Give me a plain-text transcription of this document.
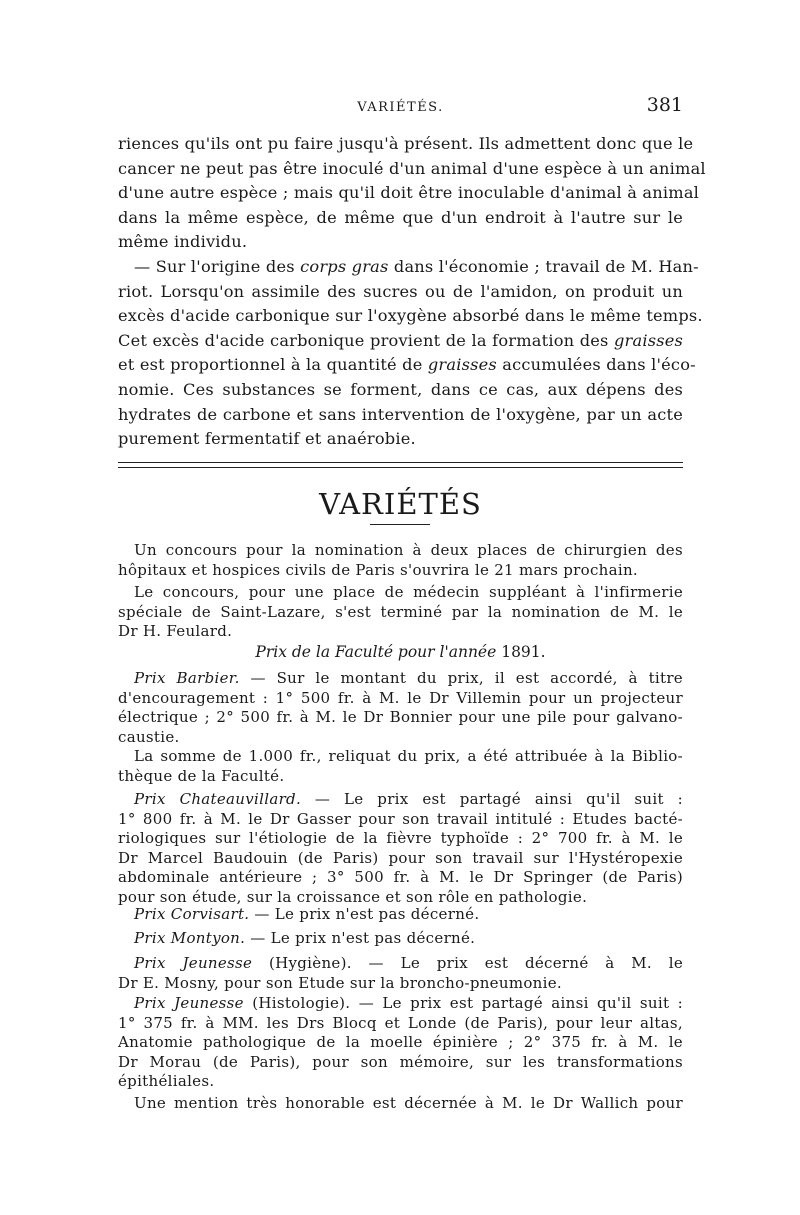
VARIÉTÉS.	381
riences qu'ils ont pu faire jusqu'à présent. Ils admettent donc que le
cancer ne peut pas être inoculé d'un animal d'une espèce à un animal
d'une autre espèce ; mais qu'il doit être inoculable d'animal à animal
dans la même espèce, de même que d'un endroit à l'autre sur le
même individu.
— Sur l'origine des corps gras dans l'économie ; travail de M. Han-
riot. Lorsqu'on assimile des sucres ou de l'amidon, on produit un
excès d'acide carbonique sur l'oxygène absorbé dans le même temps.
Cet excès d'acide carbonique provient de la formation des graisses
et est proportionnel à la quantité de graisses accumulées dans l'éco-
nomie. Ces substances se forment, dans ce cas, aux dépens des
hydrates de carbone et sans intervention de l'oxygène, par un acte
purement fermentatif et anaérobie.
VARIÉTÉS
Un concours pour la nomination à deux places de chirurgien des
hôpitaux et hospices civils de Paris s'ouvrira le 21 mars prochain.
Le concours, pour une place de médecin suppléant à l'infirmerie
spéciale de Saint-Lazare, s'est terminé par la nomination de M. le
Dr H. Feulard.

Prix de la Faculté pour l'année 1891.

Prix Barbier. — Sur le montant du prix, il est accordé, à titre
d'encouragement : 1° 500 fr. à M. le Dr Villemin pour un projecteur
électrique ; 2° 500 fr. à M. le Dr Bonnier pour une pile pour galvano-
caustie.
La somme de 1.000 fr., reliquat du prix, a été attribuée à la Biblio-
thèque de la Faculté.
Prix Chateauvillard. — Le prix est partagé ainsi qu'il suit :
1° 800 fr. à M. le Dr Gasser pour son travail intitulé : Etudes bacté-
riologiques sur l'étiologie de la fièvre typhoïde : 2° 700 fr. à M. le
Dr Marcel Baudouin (de Paris) pour son travail sur l'Hystéropexie
abdominale antérieure ; 3° 500 fr. à M. le Dr Springer (de Paris)
pour son étude, sur la croissance et son rôle en pathologie.
Prix Corvisart. — Le prix n'est pas décerné.
Prix Montyon. — Le prix n'est pas décerné.
Prix Jeunesse (Hygiène). — Le prix est décerné à M. le
Dr E. Mosny, pour son Etude sur la broncho-pneumonie.
Prix Jeunesse (Histologie). — Le prix est partagé ainsi qu'il suit :
1° 375 fr. à MM. les Drs Blocq et Londe (de Paris), pour leur altas,
Anatomie pathologique de la moelle épinière ; 2° 375 fr. à M. le
Dr Morau (de Paris), pour son mémoire, sur les transformations
épithéliales.
Une mention très honorable est décernée à M. le Dr Wallich pour
